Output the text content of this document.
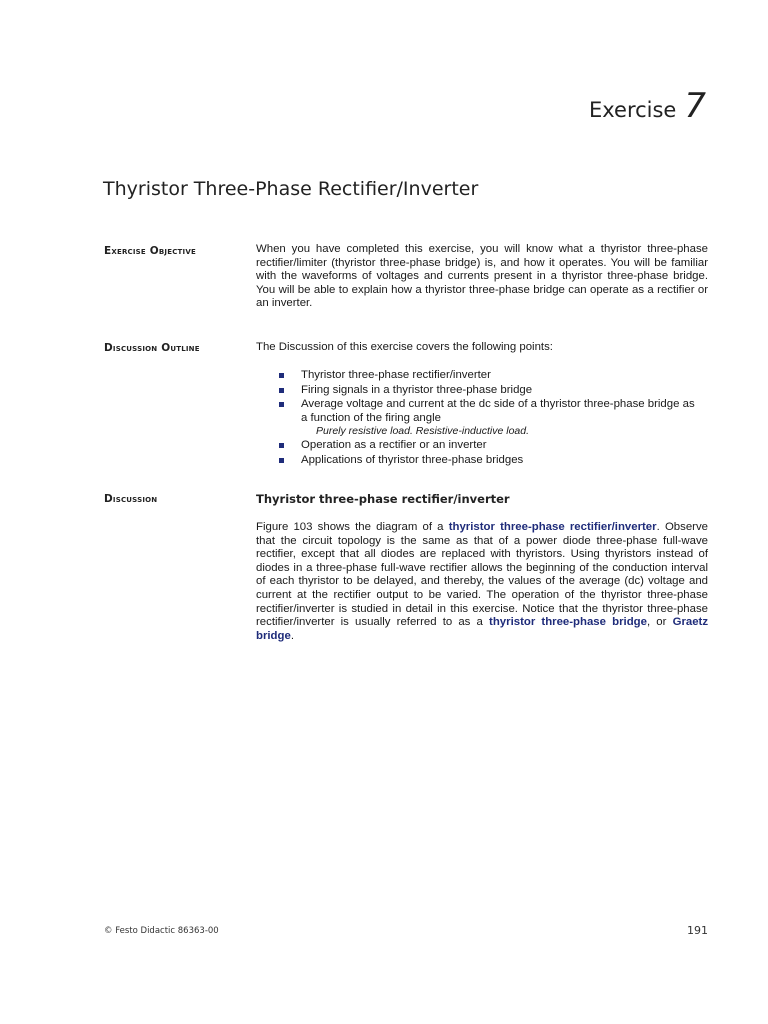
Exercise 7
Thyristor Three-Phase Rectifier/Inverter
Exercise Objective	When you have completed this exercise, you will know what a thyristor three-phase rectifier/limiter (thyristor three-phase bridge) is, and how it operates. You will be familiar with the waveforms of voltages and currents present in a thyristor three-phase bridge. You will be able to explain how a thyristor three-phase bridge can operate as a rectifier or an inverter.

Discussion Outline	The Discussion of this exercise covers the following points:

Thyristor three-phase rectifier/inverter
Firing signals in a thyristor three-phase bridge
Average voltage and current at the dc side of a thyristor three-phase bridge as a function of the firing angle
Purely resistive load. Resistive-inductive load.
Operation as a rectifier or an inverter
Applications of thyristor three-phase bridges
Discussion	Thyristor three-phase rectifier/inverter

Figure 103 shows the diagram of a thyristor three-phase rectifier/inverter. Observe that the circuit topology is the same as that of a power diode three-phase full-wave rectifier, except that all diodes are replaced with thyristors. Using thyristors instead of diodes in a three-phase full-wave rectifier allows the beginning of the conduction interval of each thyristor to be delayed, and thereby, the values of the average (dc) voltage and current at the rectifier output to be varied. The operation of the thyristor three-phase rectifier/inverter is studied in detail in this exercise. Notice that the thyristor three-phase rectifier/inverter is usually referred to as a thyristor three-phase bridge, or Graetz bridge.

© Festo Didactic 86363-00	191
